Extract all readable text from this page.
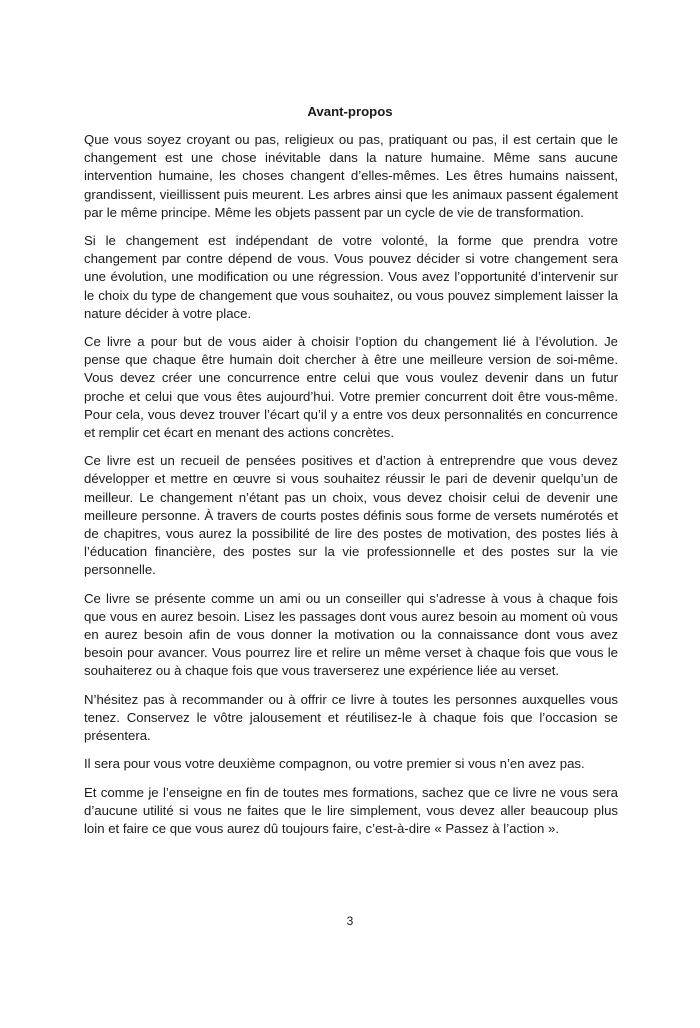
Avant-propos

Que vous soyez croyant ou pas, religieux ou pas, pratiquant ou pas, il est certain que le changement est une chose inévitable dans la nature humaine. Même sans aucune intervention humaine, les choses changent d’elles-mêmes. Les êtres humains naissent, grandissent, vieillissent puis meurent. Les arbres ainsi que les animaux passent également par le même principe. Même les objets passent par un cycle de vie de transformation.

Si le changement est indépendant de votre volonté, la forme que prendra votre changement par contre dépend de vous. Vous pouvez décider si votre changement sera une évolution, une modification ou une régression. Vous avez l’opportunité d’intervenir sur le choix du type de changement que vous souhaitez, ou vous pouvez simplement laisser la nature décider à votre place.

Ce livre a pour but de vous aider à choisir l’option du changement lié à l’évolution. Je pense que chaque être humain doit chercher à être une meilleure version de soi-même. Vous devez créer une concurrence entre celui que vous voulez devenir dans un futur proche et celui que vous êtes aujourd’hui. Votre premier concurrent doit être vous-même. Pour cela, vous devez trouver l’écart qu’il y a entre vos deux personnalités en concurrence et remplir cet écart en menant des actions concrètes.

Ce livre est un recueil de pensées positives et d’action à entreprendre que vous devez développer et mettre en œuvre si vous souhaitez réussir le pari de devenir quelqu’un de meilleur. Le changement n’étant pas un choix, vous devez choisir celui de devenir une meilleure personne. À travers de courts postes définis sous forme de versets numérotés et de chapitres, vous aurez la possibilité de lire des postes de motivation, des postes liés à l’éducation financière, des postes sur la vie professionnelle et des postes sur la vie personnelle.

Ce livre se présente comme un ami ou un conseiller qui s’adresse à vous à chaque fois que vous en aurez besoin. Lisez les passages dont vous aurez besoin au moment où vous en aurez besoin afin de vous donner la motivation ou la connaissance dont vous avez besoin pour avancer. Vous pourrez lire et relire un même verset à chaque fois que vous le souhaiterez ou à chaque fois que vous traverserez une expérience liée au verset.

N’hésitez pas à recommander ou à offrir ce livre à toutes les personnes auxquelles vous tenez. Conservez le vôtre jalousement et réutilisez-le à chaque fois que l’occasion se présentera.

Il sera pour vous votre deuxième compagnon, ou votre premier si vous n’en avez pas.

Et comme je l’enseigne en fin de toutes mes formations, sachez que ce livre ne vous sera d’aucune utilité si vous ne faites que le lire simplement, vous devez aller beaucoup plus loin et faire ce que vous aurez dû toujours faire, c’est-à-dire « Passez à l’action ».

3
